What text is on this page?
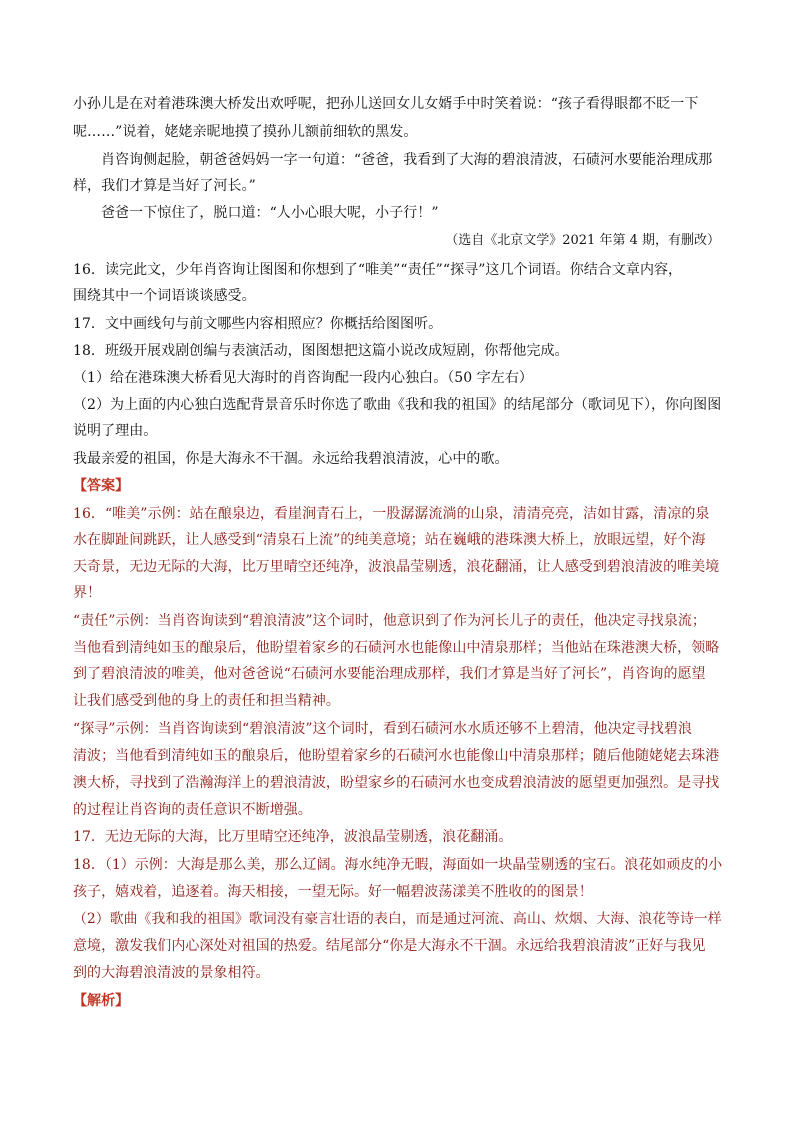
小孙儿是在对着港珠澳大桥发出欢呼呢，把孙儿送回女儿女婿手中时笑着说：“孩子看得眼都不眨一下
呢……”说着，姥姥亲昵地摸了摸孙儿额前细软的黑发。
肖咨询侧起脸，朝爸爸妈妈一字一句道：“爸爸，我看到了大海的碧浪清波，石碛河水要能治理成那
样，我们才算是当好了河长。”
爸爸一下惊住了，脱口道：“人小心眼大呢，小子行！”
（选自《北京文学》2021 年第 4 期，有删改）
16．读完此文，少年肖咨询让图图和你想到了“唯美”“责任”“探寻”这几个词语。你结合文章内容，
围绕其中一个词语谈谈感受。
17．文中画线句与前文哪些内容相照应？你概括给图图听。
18．班级开展戏剧创编与表演活动，图图想把这篇小说改成短剧，你帮他完成。
（1）给在港珠澳大桥看见大海时的肖咨询配一段内心独白。（50 字左右）
（2）为上面的内心独白选配背景音乐时你选了歌曲《我和我的祖国》的结尾部分（歌词见下），你向图图
说明了理由。
我最亲爱的祖国，你是大海永不干涸。永远给我碧浪清波，心中的歌。
【答案】
16．“唯美”示例：站在酿泉边，看崖涧青石上，一股潺潺流淌的山泉，清清亮亮，洁如甘露，清凉的泉
水在脚趾间跳跃，让人感受到“清泉石上流”的纯美意境；站在巍峨的港珠澳大桥上，放眼远望，好个海
天奇景，无边无际的大海，比万里晴空还纯净，波浪晶莹剔透，浪花翻涌，让人感受到碧浪清波的唯美境
界！
“责任”示例：当肖咨询读到“碧浪清波”这个词时，他意识到了作为河长儿子的责任，他决定寻找泉流；
当他看到清纯如玉的酿泉后，他盼望着家乡的石碛河水也能像山中清泉那样；当他站在珠港澳大桥，领略
到了碧浪清波的唯美，他对爸爸说“石碛河水要能治理成那样，我们才算是当好了河长”，肖咨询的愿望
让我们感受到他的身上的责任和担当精神。
“探寻”示例：当肖咨询读到“碧浪清波”这个词时，看到石碛河水水质还够不上碧清，他决定寻找碧浪
清波；当他看到清纯如玉的酿泉后，他盼望着家乡的石碛河水也能像山中清泉那样；随后他随姥姥去珠港
澳大桥，寻找到了浩瀚海洋上的碧浪清波，盼望家乡的石碛河水也变成碧浪清波的愿望更加强烈。是寻找
的过程让肖咨询的责任意识不断增强。
17．无边无际的大海，比万里晴空还纯净，波浪晶莹剔透，浪花翻涌。
18．（1）示例：大海是那么美，那么辽阔。海水纯净无暇，海面如一块晶莹剔透的宝石。浪花如顽皮的小
孩子，嬉戏着，追逐着。海天相接，一望无际。好一幅碧波荡漾美不胜收的的图景！
（2）歌曲《我和我的祖国》歌词没有豪言壮语的表白，而是通过河流、高山、炊烟、大海、浪花等诗一样
意境，激发我们内心深处对祖国的热爱。结尾部分“你是大海永不干涸。永远给我碧浪清波”正好与我见
到的大海碧浪清波的景象相符。
【解析】
